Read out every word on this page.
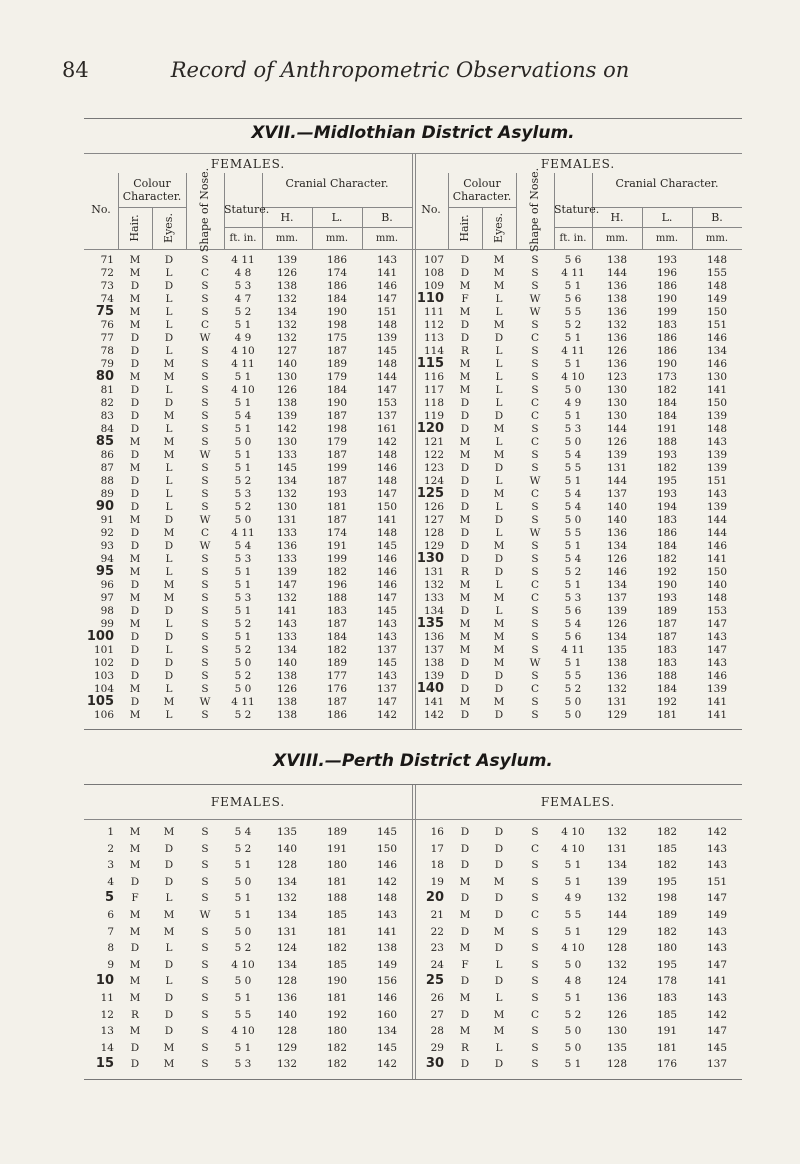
84	Record of Anthropometric Observations on
XVII.—Midlothian District Asylum.
FEMALES.	FEMALES.
No.
Colour Character. Shape of Nose. Stature.
Cranial Character.
Hair. Eyes.	H.	L.	B.
ft. in.	mm.	mm.	mm.
No.
Colour Character. Shape of Nose. Stature.
Cranial Character.
Hair. Eyes.	H.	L.	B.
ft. in.	mm.	mm.	mm.
71	M	D	S	4 11	139	186	143
72	M	L	C	4 8	126	174	141
73	D	D	S	5 3	138	186	146
74	M	L	S	4 7	132	184	147
75	M	L	S	5 2	134	190	151
76	M	L	C	5 1	132	198	148
77	D	D	W	4 9	132	175	139
78	D	L	S	4 10	127	187	145
79	D	M	S	4 11	140	189	148
80	M	M	S	5 1	130	179	144
81	D	L	S	4 10	126	184	147
82	D	D	S	5 1	138	190	153
83	D	M	S	5 4	139	187	137
84	D	L	S	5 1	142	198	161
85	M	M	S	5 0	130	179	142
86	D	M	W	5 1	133	187	148
87	M	L	S	5 1	145	199	146
88	D	L	S	5 2	134	187	148
89	D	L	S	5 3	132	193	147
90	D	L	S	5 2	130	181	150
91	M	D	W	5 0	131	187	141
92	D	M	C	4 11	133	174	148
93	D	D	W	5 4	136	191	145
94	M	L	S	5 3	133	199	146
95	M	L	S	5 1	139	182	146
96	D	M	S	5 1	147	196	146
97	M	M	S	5 3	132	188	147
98	D	D	S	5 1	141	183	145
99	M	L	S	5 2	143	187	143
100	D	D	S	5 1	133	184	143
101	D	L	S	5 2	134	182	137
102	D	D	S	5 0	140	189	145
103	D	D	S	5 2	138	177	143
104	M	L	S	5 0	126	176	137
105	D	M	W	4 11	138	187	147
106	M	L	S	5 2	138	186	142
107	D	M	S	5 6	138	193	148
108	D	M	S	4 11	144	196	155
109	M	M	S	5 1	136	186	148
110	F	L	W	5 6	138	190	149
111	M	L	W	5 5	136	199	150
112	D	M	S	5 2	132	183	151
113	D	D	C	5 1	136	186	146
114	R	L	S	4 11	126	186	134
115	M	L	S	5 1	136	190	146
116	M	L	S	4 10	123	173	130
117	M	L	S	5 0	130	182	141
118	D	L	C	4 9	130	184	150
119	D	D	C	5 1	130	184	139
120	D	M	S	5 3	144	191	148
121	M	L	C	5 0	126	188	143
122	M	M	S	5 4	139	193	139
123	D	D	S	5 5	131	182	139
124	D	L	W	5 1	144	195	151
125	D	M	C	5 4	137	193	143
126	D	L	S	5 4	140	194	139
127	M	D	S	5 0	140	183	144
128	D	L	W	5 5	136	186	144
129	D	M	S	5 1	134	184	146
130	D	D	S	5 4	126	182	141
131	R	D	S	5 2	146	192	150
132	M	L	C	5 1	134	190	140
133	M	M	C	5 3	137	193	148
134	D	L	S	5 6	139	189	153
135	M	M	S	5 4	126	187	147
136	M	M	S	5 6	134	187	143
137	M	M	S	4 11	135	183	147
138	D	M	W	5 1	138	183	143
139	D	D	S	5 5	136	188	146
140	D	D	C	5 2	132	184	139
141	M	M	S	5 0	131	192	141
142	D	D	S	5 0	129	181	141
XVIII.—Perth District Asylum.
FEMALES.	FEMALES.
1	M	M	S	5 4	135	189	145
2	M	D	S	5 2	140	191	150
3	M	D	S	5 1	128	180	146
4	D	D	S	5 0	134	181	142
5	F	L	S	5 1	132	188	148
6	M	M	W	5 1	134	185	143
7	M	M	S	5 0	131	181	141
8	D	L	S	5 2	124	182	138
9	M	D	S	4 10	134	185	149
10	M	L	S	5 0	128	190	156
11	M	D	S	5 1	136	181	146
12	R	D	S	5 5	140	192	160
13	M	D	S	4 10	128	180	134
14	D	M	S	5 1	129	182	145
15	D	M	S	5 3	132	182	142
16	D	D	S	4 10	132	182	142
17	D	D	C	4 10	131	185	143
18	D	D	S	5 1	134	182	143
19	M	M	S	5 1	139	195	151
20	D	D	S	4 9	132	198	147
21	M	D	C	5 5	144	189	149
22	D	M	S	5 1	129	182	143
23	M	D	S	4 10	128	180	143
24	F	L	S	5 0	132	195	147
25	D	D	S	4 8	124	178	141
26	M	L	S	5 1	136	183	143
27	D	M	C	5 2	126	185	142
28	M	M	S	5 0	130	191	147
29	R	L	S	5 0	135	181	145
30	D	D	S	5 1	128	176	137
